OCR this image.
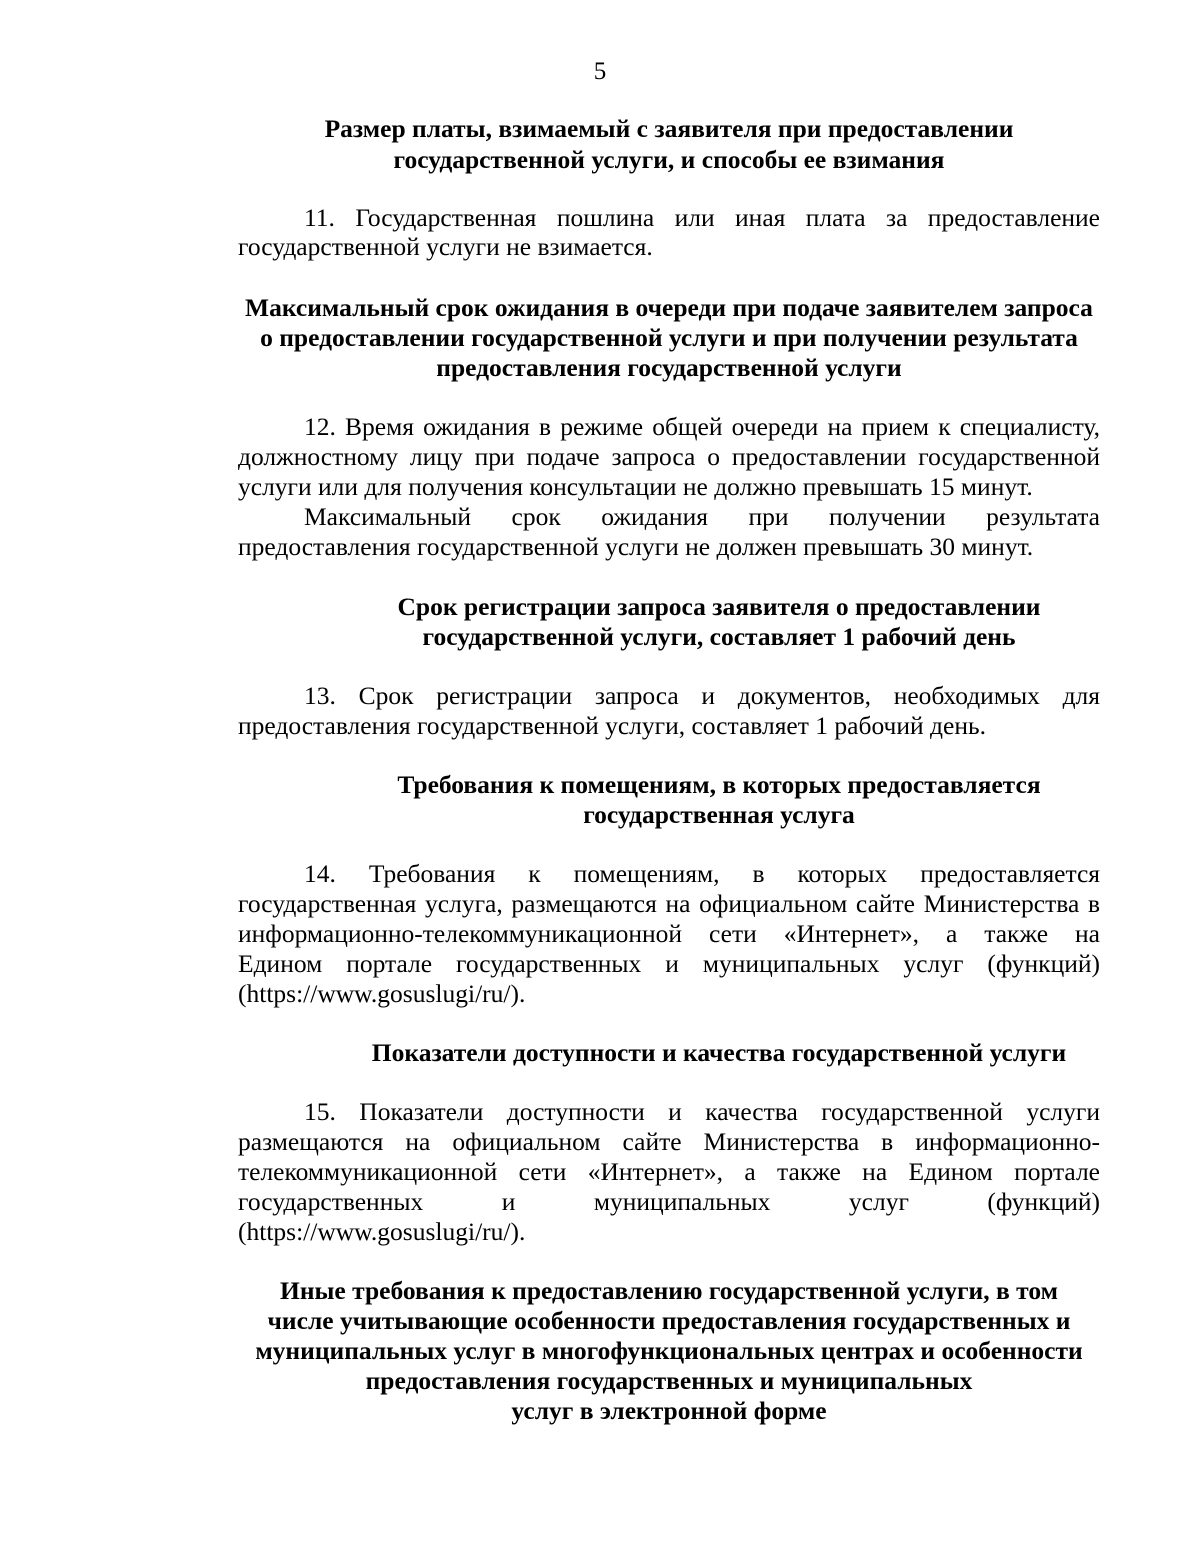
5
Размер платы, взимаемый с заявителя при предоставлении
государственной услуги, и способы ее взимания
11. Государственная пошлина или иная плата за предоставление
государственной услуги не взимается.
Максимальный срок ожидания в очереди при подаче заявителем запроса
о предоставлении государственной услуги и при получении результата
предоставления государственной услуги
12. Время ожидания в режиме общей очереди на прием к специалисту,
должностному лицу при подаче запроса о предоставлении государственной
услуги или для получения консультации не должно превышать 15 минут.
Максимальный срок ожидания при получении результата
предоставления государственной услуги не должен превышать 30 минут.
Срок регистрации запроса заявителя о предоставлении
государственной услуги, составляет 1 рабочий день
13. Срок регистрации запроса и документов, необходимых для
предоставления государственной услуги, составляет 1 рабочий день.
Требования к помещениям, в которых предоставляется
государственная услуга
14. Требования к помещениям, в которых предоставляется
государственная услуга, размещаются на официальном сайте Министерства в
информационно-телекоммуникационной сети «Интернет», а также на
Едином портале государственных и муниципальных услуг (функций)
(https://www.gosuslugi/ru/).
Показатели доступности и качества государственной услуги
15. Показатели доступности и качества государственной услуги
размещаются на официальном сайте Министерства в информационно-
телекоммуникационной сети «Интернет», а также на Едином портале
государственных и муниципальных услуг (функций)
(https://www.gosuslugi/ru/).
Иные требования к предоставлению государственной услуги, в том
числе учитывающие особенности предоставления государственных и
муниципальных услуг в многофункциональных центрах и особенности
предоставления государственных и муниципальных
услуг в электронной форме
